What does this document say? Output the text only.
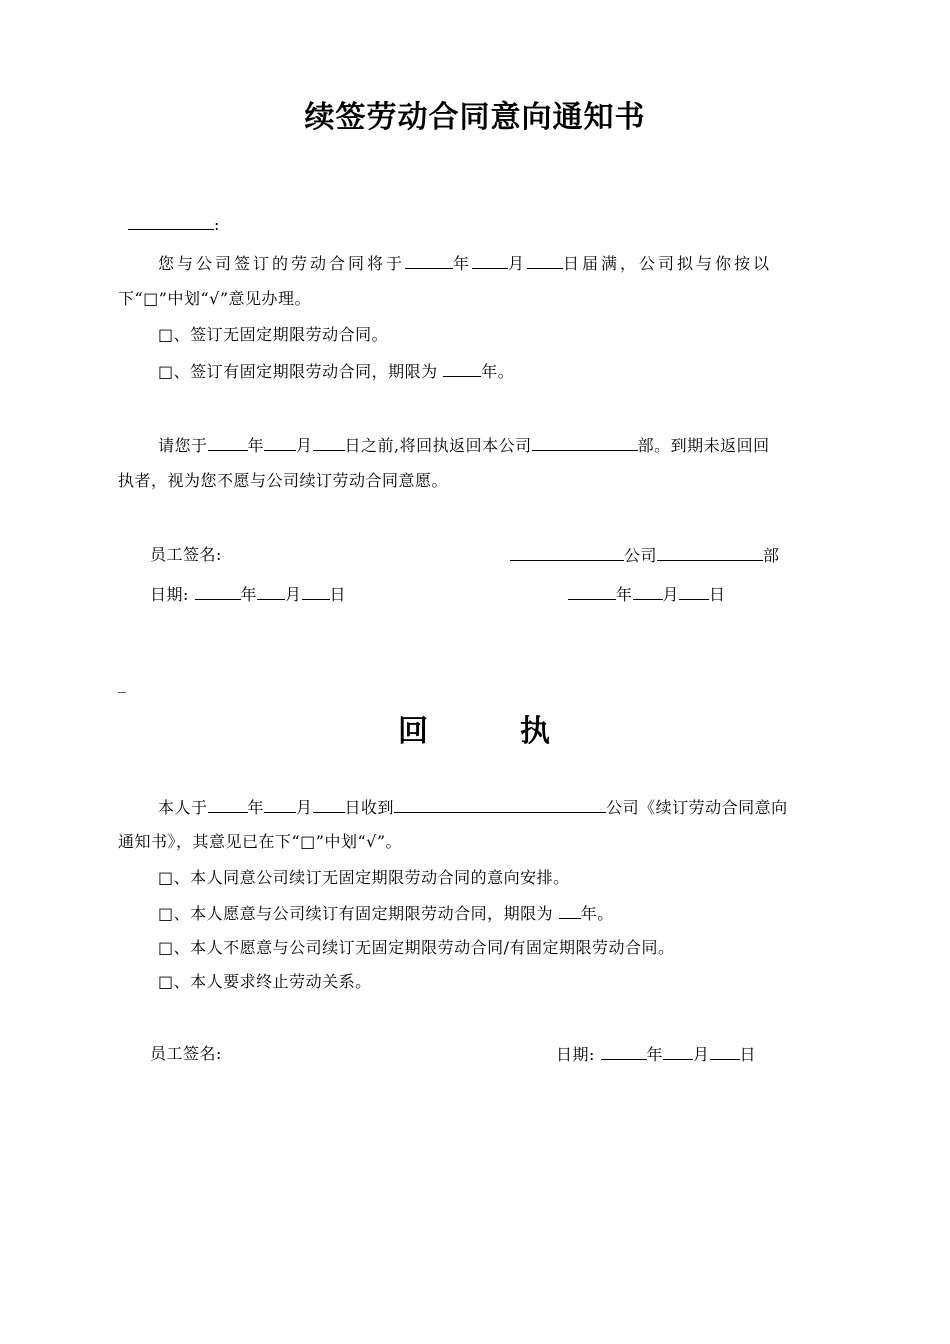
续签劳动合同意向通知书
:
您与公司签订的劳动合同将于	年 月 日届满，公司拟与你按以
下“□”中划“√”意见办理。
□、签订无固定期限劳动合同。
□、签订有固定期限劳动合同，期限为	年。
请您于	年 月 日之前,将回执返回本公司	部。到期未返回回
执者，视为您不愿与公司续订劳动合同意愿。
员工签名:	公司	部
日期:	年 月 日	年 月 日
_
回	执
本人于	年 月 日收到	公司《续订劳动合同意向
通知书》，其意见已在下“□”中划“√”。
□、本人同意公司续订无固定期限劳动合同的意向安排。
□、本人愿意与公司续订有固定期限劳动合同，期限为 年。
□、本人不愿意与公司续订无固定期限劳动合同/有固定期限劳动合同。
□、本人要求终止劳动关系。
员工签名:	日期:	年 月 日
